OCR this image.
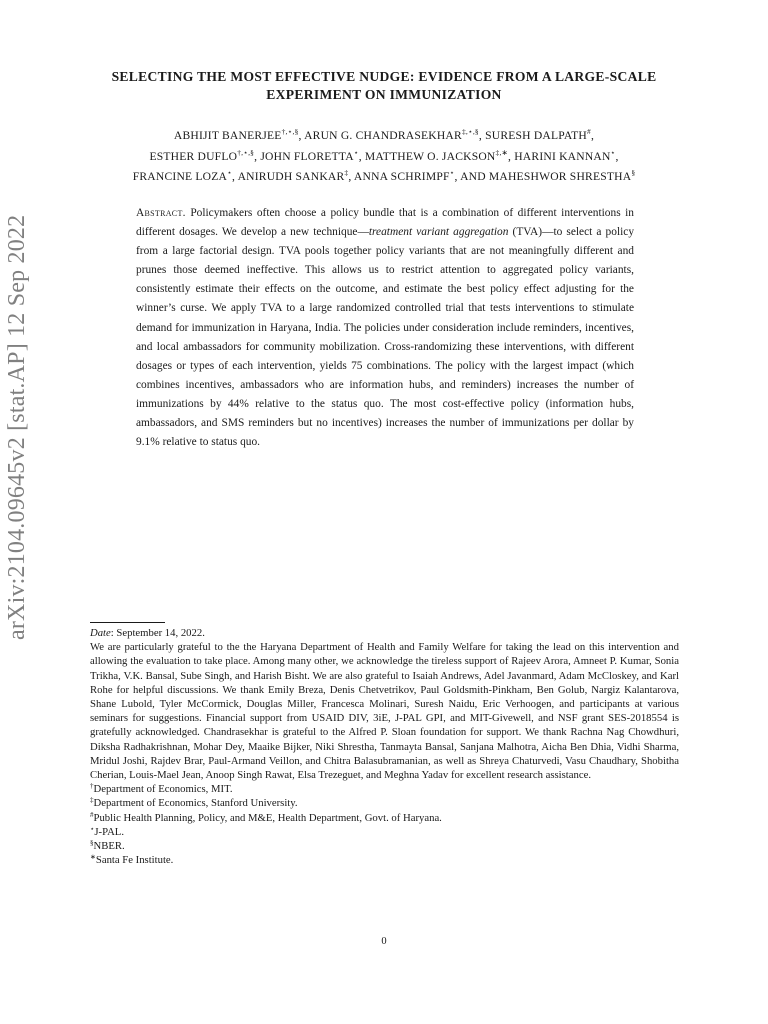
arXiv:2104.09645v2 [stat.AP] 12 Sep 2022
SELECTING THE MOST EFFECTIVE NUDGE: EVIDENCE FROM A LARGE-SCALE EXPERIMENT ON IMMUNIZATION
ABHIJIT BANERJEE†,⋆,§, ARUN G. CHANDRASEKHAR‡,⋆,§, SURESH DALPATH#,
ESTHER DUFLO†,⋆,§, JOHN FLORETTA⋆, MATTHEW O. JACKSON‡,∗, HARINI KANNAN⋆,
FRANCINE LOZA⋆, ANIRUDH SANKAR‡, ANNA SCHRIMPF⋆, AND MAHESHWOR SHRESTHA§
Abstract. Policymakers often choose a policy bundle that is a combination of different interventions in different dosages. We develop a new technique—treatment variant aggregation (TVA)—to select a policy from a large factorial design. TVA pools together policy variants that are not meaningfully different and prunes those deemed ineffective. This allows us to restrict attention to aggregated policy variants, consistently estimate their effects on the outcome, and estimate the best policy effect adjusting for the winner’s curse. We apply TVA to a large randomized controlled trial that tests interventions to stimulate demand for immunization in Haryana, India. The policies under consideration include reminders, incentives, and local ambassadors for community mobilization. Cross-randomizing these interventions, with different dosages or types of each intervention, yields 75 combinations. The policy with the largest impact (which combines incentives, ambassadors who are information hubs, and reminders) increases the number of immunizations by 44% relative to the status quo. The most cost-effective policy (information hubs, ambassadors, and SMS reminders but no incentives) increases the number of immunizations per dollar by 9.1% relative to status quo.

Date: September 14, 2022.

We are particularly grateful to the the Haryana Department of Health and Family Welfare for taking the lead on this intervention and allowing the evaluation to take place. Among many other, we acknowledge the tireless support of Rajeev Arora, Amneet P. Kumar, Sonia Trikha, V.K. Bansal, Sube Singh, and Harish Bisht. We are also grateful to Isaiah Andrews, Adel Javanmard, Adam McCloskey, and Karl Rohe for helpful discussions. We thank Emily Breza, Denis Chetvetrikov, Paul Goldsmith-Pinkham, Ben Golub, Nargiz Kalantarova, Shane Lubold, Tyler McCormick, Douglas Miller, Francesca Molinari, Suresh Naidu, Eric Verhoogen, and participants at various seminars for suggestions. Financial support from USAID DIV, 3iE, J-PAL GPI, and MIT-Givewell, and NSF grant SES-2018554 is gratefully acknowledged. Chandrasekhar is grateful to the Alfred P. Sloan foundation for support. We thank Rachna Nag Chowdhuri, Diksha Radhakrishnan, Mohar Dey, Maaike Bijker, Niki Shrestha, Tanmayta Bansal, Sanjana Malhotra, Aicha Ben Dhia, Vidhi Sharma, Mridul Joshi, Rajdev Brar, Paul-Armand Veillon, and Chitra Balasubramanian, as well as Shreya Chaturvedi, Vasu Chaudhary, Shobitha Cherian, Louis-Mael Jean, Anoop Singh Rawat, Elsa Trezeguet, and Meghna Yadav for excellent research assistance.

†Department of Economics, MIT.

‡Department of Economics, Stanford University.

#Public Health Planning, Policy, and M&E, Health Department, Govt. of Haryana.

⋆J-PAL.

§NBER.

∗Santa Fe Institute.

0
